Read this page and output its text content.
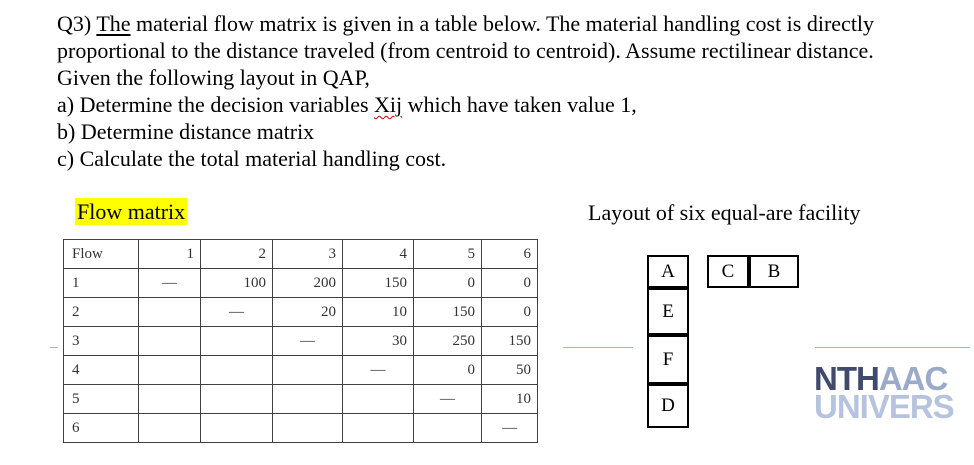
Q3) The material flow matrix is given in a table below. The material handling cost is directly
proportional to the distance traveled (from centroid to centroid). Assume rectilinear distance.
Given the following layout in QAP,
a) Determine the decision variables Xij which have taken value 1,
b) Determine distance matrix
c) Calculate the total material handling cost.
Flow matrix	Layout of six equal-are facility
Flow	1	2	3	4	5	6
1	—	100	200	150	0	0
2		—	20	10	150	0
3			—	30	250	150
4				—	0	50
5					—	10
6						—
A	C	B
E
F
D
NTHAAC
UNIVERS
